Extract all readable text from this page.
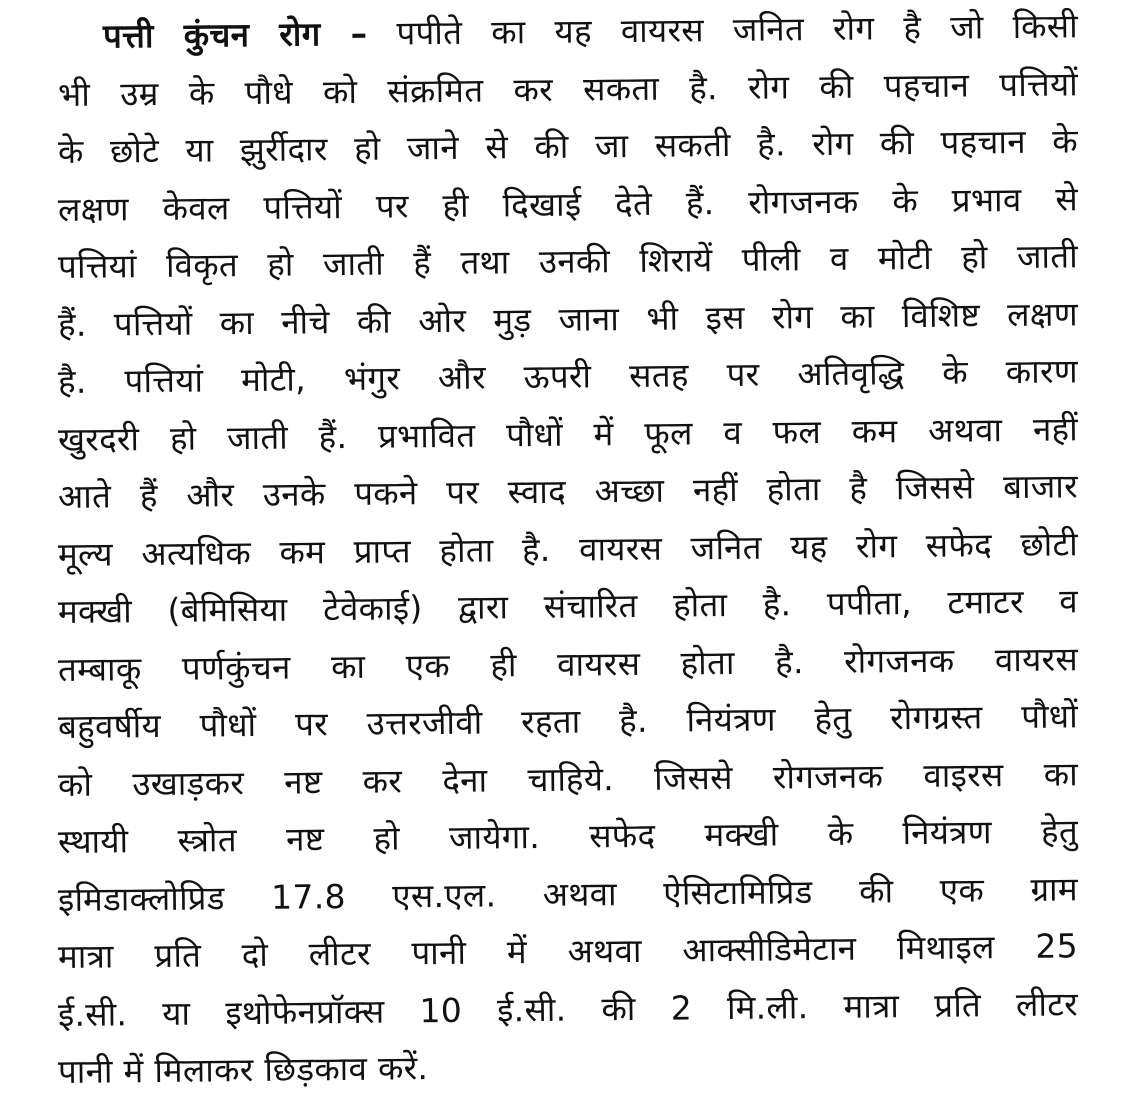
पत्ती कुंचन रोग – पपीते का यह वायरस जनित रोग है जो किसी
भी उम्र के पौधे को संक्रमित कर सकता है. रोग की पहचान पत्तियों
के छोटे या झुर्रीदार हो जाने से की जा सकती है. रोग की पहचान के
लक्षण केवल पत्तियों पर ही दिखाई देते हैं. रोगजनक के प्रभाव से
पत्तियां विकृत हो जाती हैं तथा उनकी शिरायें पीली व मोटी हो जाती
हैं. पत्तियों का नीचे की ओर मुड़ जाना भी इस रोग का विशिष्ट लक्षण
है. पत्तियां मोटी, भंगुर और ऊपरी सतह पर अतिवृद्धि के कारण
खुरदरी हो जाती हैं. प्रभावित पौधों में फूल व फल कम अथवा नहीं
आते हैं और उनके पकने पर स्वाद अच्छा नहीं होता है जिससे बाजार
मूल्य अत्यधिक कम प्राप्त होता है. वायरस जनित यह रोग सफेद छोटी
मक्खी (बेमिसिया टेवेकाई) द्वारा संचारित होता है. पपीता, टमाटर व
तम्बाकू पर्णकुंचन का एक ही वायरस होता है. रोगजनक वायरस
बहुवर्षीय पौधों पर उत्तरजीवी रहता है. नियंत्रण हेतु रोगग्रस्त पौधों
को उखाड़कर नष्ट कर देना चाहिये. जिससे रोगजनक वाइरस का
स्थायी स्त्रोत नष्ट हो जायेगा. सफेद मक्खी के नियंत्रण हेतु
इमिडाक्लोप्रिड 17.8 एस.एल. अथवा ऐसिटामिप्रिड की एक ग्राम
मात्रा प्रति दो लीटर पानी में अथवा आक्सीडिमेटान मिथाइल 25
ई.सी. या इथोफेनप्रॉक्स 10 ई.सी. की 2 मि.ली. मात्रा प्रति लीटर
पानी में मिलाकर छिड़काव करें.
